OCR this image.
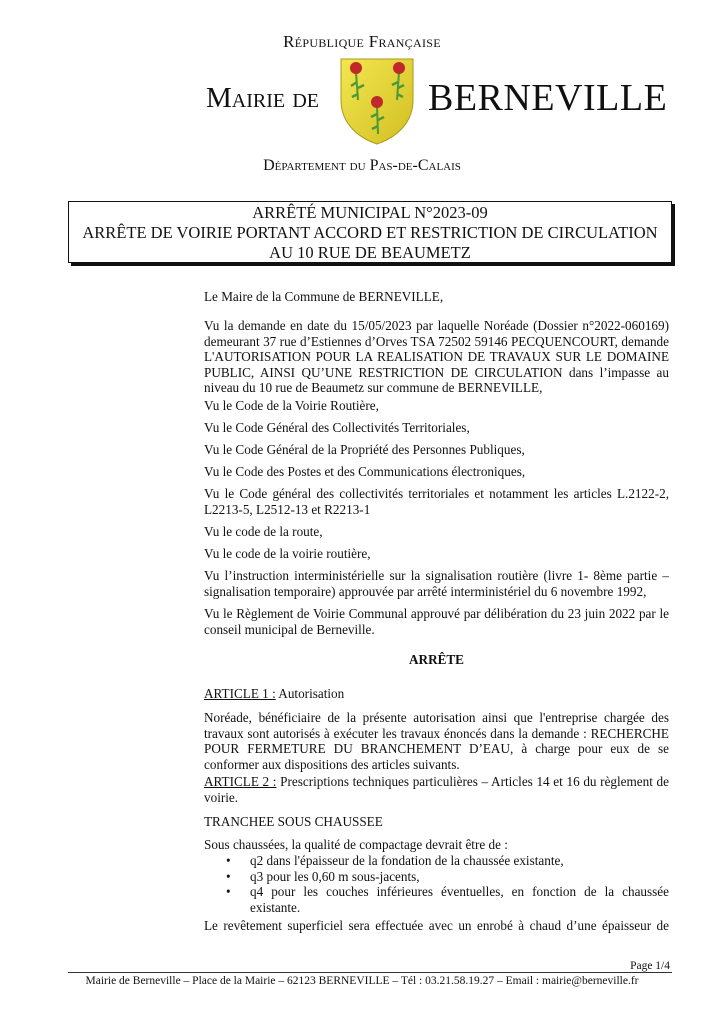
République Française
Mairie de	BERNEVILLE
Département du Pas-de-Calais
ARRÊTÉ MUNICIPAL N°2023-09
ARRÊTE DE VOIRIE PORTANT ACCORD ET RESTRICTION DE CIRCULATION
AU 10 RUE DE BEAUMETZ
Le Maire de la Commune de BERNEVILLE,
Vu la demande en date du 15/05/2023 par laquelle Noréade (Dossier n°2022-060169) demeurant 37 rue d’Estiennes d’Orves TSA 72502 59146 PECQUENCOURT, demande L'AUTORISATION POUR LA REALISATION DE TRAVAUX SUR LE DOMAINE PUBLIC, AINSI QU’UNE RESTRICTION DE CIRCULATION dans l’impasse au niveau du 10 rue de Beaumetz sur commune de BERNEVILLE,
Vu le Code de la Voirie Routière,
Vu le Code Général des Collectivités Territoriales,
Vu le Code Général de la Propriété des Personnes Publiques,
Vu le Code des Postes et des Communications électroniques,
Vu le Code général des collectivités territoriales et notamment les articles L.2122-2, L2213-5, L2512-13 et R2213-1
Vu le code de la route,
Vu le code de la voirie routière,
Vu l’instruction interministérielle sur la signalisation routière (livre 1- 8ème partie – signalisation temporaire) approuvée par arrêté interministériel du 6 novembre 1992,
Vu le Règlement de Voirie Communal approuvé par délibération du 23 juin 2022 par le conseil municipal de Berneville.
ARRÊTE
ARTICLE 1 : Autorisation
Noréade, bénéficiaire de la présente autorisation ainsi que l'entreprise chargée des travaux sont autorisés à exécuter les travaux énoncés dans la demande : RECHERCHE POUR FERMETURE DU BRANCHEMENT D’EAU, à charge pour eux de se conformer aux dispositions des articles suivants.
ARTICLE 2 : Prescriptions techniques particulières – Articles 14 et 16 du règlement de voirie.
TRANCHEE SOUS CHAUSSEE
Sous chaussées, la qualité de compactage devrait être de :
• q2 dans l'épaisseur de la fondation de la chaussée existante,
• q3 pour les 0,60 m sous-jacents,
• q4 pour les couches inférieures éventuelles, en fonction de la chaussée existante.
Le revêtement superficiel sera effectuée avec un enrobé à chaud d’une épaisseur de
Page 1/4
Mairie de Berneville – Place de la Mairie – 62123 BERNEVILLE – Tél : 03.21.58.19.27 – Email : mairie@berneville.fr
